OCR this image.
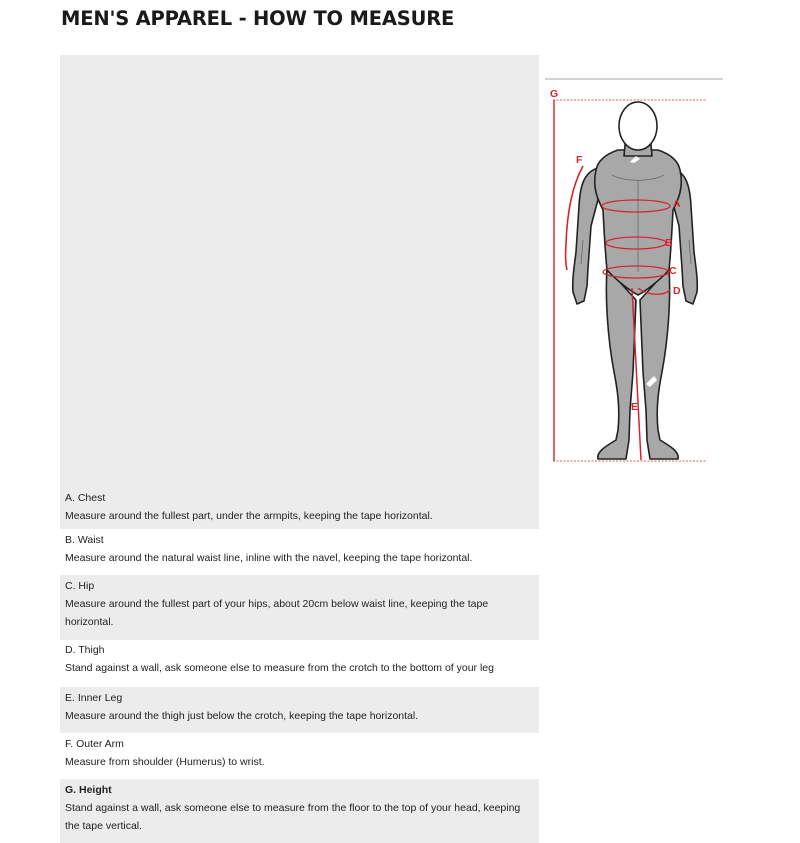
MEN'S APPAREL - HOW TO MEASURE
G
F
A
B
C
D
E
A. Chest
Measure around the fullest part, under the armpits, keeping the tape horizontal.
B. Waist
Measure around the natural waist line, inline with the navel, keeping the tape horizontal.
C. Hip
Measure around the fullest part of your hips, about 20cm below waist line, keeping the tape horizontal.
D. Thigh
Stand against a wall, ask someone else to measure from the crotch to the bottom of your leg
E. Inner Leg
Measure around the thigh just below the crotch, keeping the tape horizontal.
F. Outer Arm
Measure from shoulder (Humerus) to wrist.
G. Height
Stand against a wall, ask someone else to measure from the floor to the top of your head, keeping the tape vertical.
